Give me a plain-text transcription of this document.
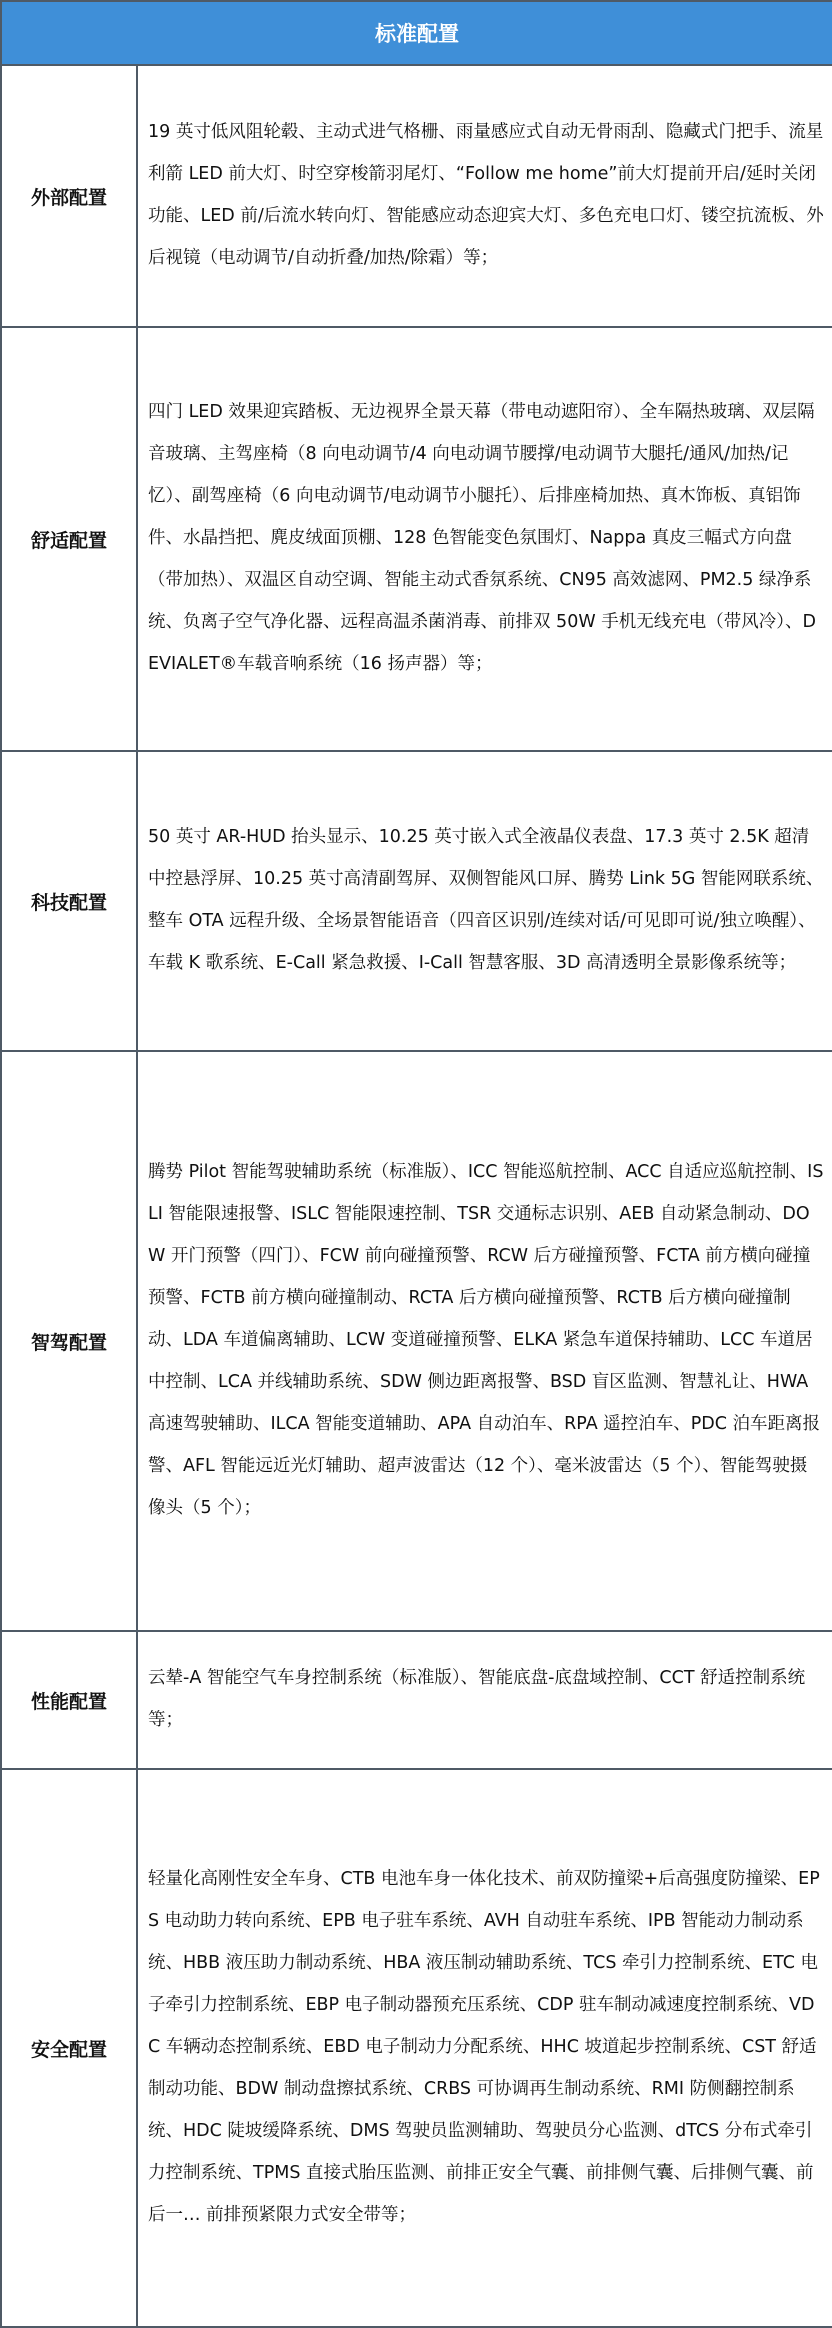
标准配置	
外部配置	19 英寸低风阻轮毂、主动式进气格栅、雨量感应式自动无骨雨刮、隐藏式门把手、流星利箭 LED 前大灯、时空穿梭箭羽尾灯、“Follow me home”前大灯提前开启/延时关闭功能、LED 前/后流水转向灯、智能感应动态迎宾大灯、多色充电口灯、镂空抗流板、外后视镜（电动调节/自动折叠/加热/除霜）等；
舒适配置	四门 LED 效果迎宾踏板、无边视界全景天幕（带电动遮阳帘）、全车隔热玻璃、双层隔音玻璃、主驾座椅（8 向电动调节/4 向电动调节腰撑/电动调节大腿托/通风/加热/记忆）、副驾座椅（6 向电动调节/电动调节小腿托）、后排座椅加热、真木饰板、真铝饰件、水晶挡把、麂皮绒面顶棚、128 色智能变色氛围灯、Nappa 真皮三幅式方向盘（带加热）、双温区自动空调、智能主动式香氛系统、CN95 高效滤网、PM2.5 绿净系统、负离子空气净化器、远程高温杀菌消毒、前排双 50W 手机无线充电（带风冷）、DEVIALET®车载音响系统（16 扬声器）等；
科技配置	50 英寸 AR-HUD 抬头显示、10.25 英寸嵌入式全液晶仪表盘、17.3 英寸 2.5K 超清中控悬浮屏、10.25 英寸高清副驾屏、双侧智能风口屏、腾势 Link 5G 智能网联系统、整车 OTA 远程升级、全场景智能语音（四音区识别/连续对话/可见即可说/独立唤醒）、车载 K 歌系统、E-Call 紧急救援、I-Call 智慧客服、3D 高清透明全景影像系统等；
智驾配置	腾势 Pilot 智能驾驶辅助系统（标准版）、ICC 智能巡航控制、ACC 自适应巡航控制、ISLI 智能限速报警、ISLC 智能限速控制、TSR 交通标志识别、AEB 自动紧急制动、DOW 开门预警（四门）、FCW 前向碰撞预警、RCW 后方碰撞预警、FCTA 前方横向碰撞预警、FCTB 前方横向碰撞制动、RCTA 后方横向碰撞预警、RCTB 后方横向碰撞制动、LDA 车道偏离辅助、LCW 变道碰撞预警、ELKA 紧急车道保持辅助、LCC 车道居中控制、LCA 并线辅助系统、SDW 侧边距离报警、BSD 盲区监测、智慧礼让、HWA 高速驾驶辅助、ILCA 智能变道辅助、APA 自动泊车、RPA 遥控泊车、PDC 泊车距离报警、AFL 智能远近光灯辅助、超声波雷达（12 个）、毫米波雷达（5 个）、智能驾驶摄像头（5 个）；
性能配置	云辇-A 智能空气车身控制系统（标准版）、智能底盘-底盘域控制、CCT 舒适控制系统等；
安全配置	轻量化高刚性安全车身、CTB 电池车身一体化技术、前双防撞梁+后高强度防撞梁、EPS 电动助力转向系统、EPB 电子驻车系统、AVH 自动驻车系统、IPB 智能动力制动系统、HBB 液压助力制动系统、HBA 液压制动辅助系统、TCS 牵引力控制系统、ETC 电子牵引力控制系统、EBP 电子制动器预充压系统、CDP 驻车制动减速度控制系统、VDC 车辆动态控制系统、EBD 电子制动力分配系统、HHC 坡道起步控制系统、CST 舒适制动功能、BDW 制动盘擦拭系统、CRBS 可协调再生制动系统、RMI 防侧翻控制系统、HDC 陡坡缓降系统、DMS 驾驶员监测辅助、驾驶员分心监测、dTCS 分布式牵引力控制系统、TPMS 直接式胎压监测、前排正安全气囊、前排侧气囊、后排侧气囊、前后一… 前排预紧限力式安全带等；
